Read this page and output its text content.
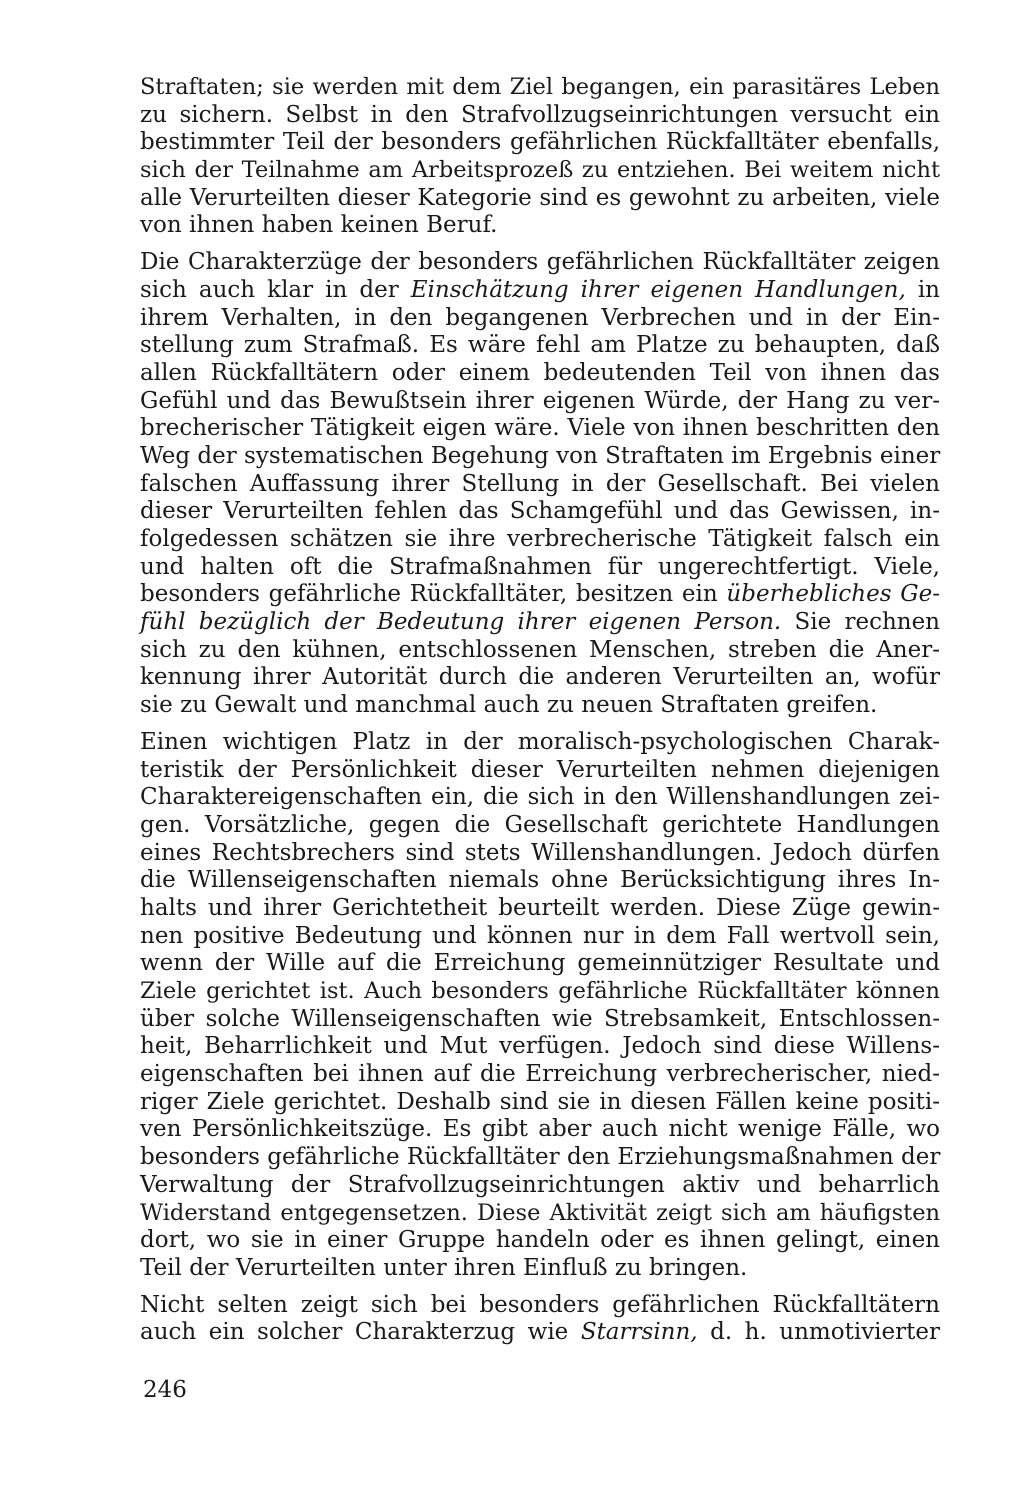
Straftaten; sie werden mit dem Ziel begangen, ein parasitäres Leben
zu sichern. Selbst in den Strafvollzugseinrichtungen versucht ein
bestimmter Teil der besonders gefährlichen Rückfalltäter ebenfalls,
sich der Teilnahme am Arbeitsprozeß zu entziehen. Bei weitem nicht
alle Verurteilten dieser Kategorie sind es gewohnt zu arbeiten, viele
von ihnen haben keinen Beruf.
Die Charakterzüge der besonders gefährlichen Rückfalltäter zeigen
sich auch klar in der Einschätzung ihrer eigenen Handlungen, in
ihrem Verhalten, in den begangenen Verbrechen und in der Ein-
stellung zum Strafmaß. Es wäre fehl am Platze zu behaupten, daß
allen Rückfalltätern oder einem bedeutenden Teil von ihnen das
Gefühl und das Bewußtsein ihrer eigenen Würde, der Hang zu ver-
brecherischer Tätigkeit eigen wäre. Viele von ihnen beschritten den
Weg der systematischen Begehung von Straftaten im Ergebnis einer
falschen Auffassung ihrer Stellung in der Gesellschaft. Bei vielen
dieser Verurteilten fehlen das Schamgefühl und das Gewissen, in-
folgedessen schätzen sie ihre verbrecherische Tätigkeit falsch ein
und halten oft die Strafmaßnahmen für ungerechtfertigt. Viele,
besonders gefährliche Rückfalltäter, besitzen ein überhebliches Ge-
fühl bezüglich der Bedeutung ihrer eigenen Person. Sie rechnen
sich zu den kühnen, entschlossenen Menschen, streben die Aner-
kennung ihrer Autorität durch die anderen Verurteilten an, wofür
sie zu Gewalt und manchmal auch zu neuen Straftaten greifen.
Einen wichtigen Platz in der moralisch-psychologischen Charak-
teristik der Persönlichkeit dieser Verurteilten nehmen diejenigen
Charaktereigenschaften ein, die sich in den Willenshandlungen zei-
gen. Vorsätzliche, gegen die Gesellschaft gerichtete Handlungen
eines Rechtsbrechers sind stets Willenshandlungen. Jedoch dürfen
die Willenseigenschaften niemals ohne Berücksichtigung ihres In-
halts und ihrer Gerichtetheit beurteilt werden. Diese Züge gewin-
nen positive Bedeutung und können nur in dem Fall wertvoll sein,
wenn der Wille auf die Erreichung gemeinnütziger Resultate und
Ziele gerichtet ist. Auch besonders gefährliche Rückfalltäter können
über solche Willenseigenschaften wie Strebsamkeit, Entschlossen-
heit, Beharrlichkeit und Mut verfügen. Jedoch sind diese Willens-
eigenschaften bei ihnen auf die Erreichung verbrecherischer, nied-
riger Ziele gerichtet. Deshalb sind sie in diesen Fällen keine positi-
ven Persönlichkeitszüge. Es gibt aber auch nicht wenige Fälle, wo
besonders gefährliche Rückfalltäter den Erziehungsmaßnahmen der
Verwaltung der Strafvollzugseinrichtungen aktiv und beharrlich
Widerstand entgegensetzen. Diese Aktivität zeigt sich am häufigsten
dort, wo sie in einer Gruppe handeln oder es ihnen gelingt, einen
Teil der Verurteilten unter ihren Einfluß zu bringen.
Nicht selten zeigt sich bei besonders gefährlichen Rückfalltätern
auch ein solcher Charakterzug wie Starrsinn, d. h. unmotivierter
246
